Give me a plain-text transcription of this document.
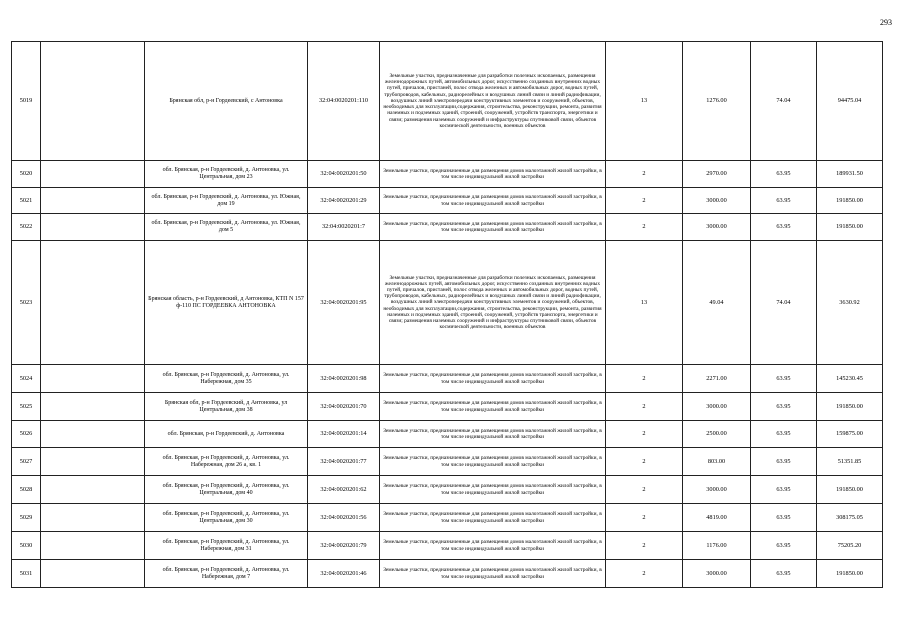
293
5019		Брянская обл, р-н Гордеевский, с Антоновка	32:04:0020201:110	Земельные участки, предназначенные для разработки полезных ископаемых, размещения железнодорожных путей, автомобильных дорог, искусственно созданных внутренних водных путей, причалов, пристаней, полос отвода железных и автомобильных дорог, водных путей, трубопроводов, кабельных, радиорелейных и воздушных линий связи и линий радиофикации, воздушных линий электропередачи конструктивных элементов и сооружений, объектов, необходимых для эксплуатации,содержания, строительства, реконструкции, ремонта, развития наземных и подземных зданий, строений, сооружений, устройств транспорта, энергетики и связи; размещения наземных сооружений и инфраструктуры спутниковой связи, объектов космической деятельности, военных объектов	13	1276.00	74.04	94475.04
5020		обл. Брянская, р-н Гордеевский, д. Антоновка, ул. Центральная, дом 23	32:04:0020201:50	Земельные участки, предназначенные для размещения домов малоэтажной жилой застройки, в том числе индивидуальной жилой застройки	2	2970.00	63.95	189931.50
5021		обл. Брянская, р-н Гордеевский, д. Антоновка, ул. Южная, дом 19	32:04:0020201:29	Земельные участки, предназначенные для размещения домов малоэтажной жилой застройки, в том числе индивидуальной жилой застройки	2	3000.00	63.95	191850.00
5022		обл. Брянская, р-н Гордеевский, д. Антоновка, ул. Южная, дом 5	32:04:0020201:7	Земельные участки, предназначенные для размещения домов малоэтажной жилой застройки, в том числе индивидуальной жилой застройки	2	3000.00	63.95	191850.00
5023		Брянская область, р-н Гордеевский, д Антоновка, КТП N 157 ф-110 ПС ГОРДЕЕВКА АНТОНОВКА	32:04:0020201:95	Земельные участки, предназначенные для разработки полезных ископаемых, размещения железнодорожных путей, автомобильных дорог, искусственно созданных внутренних водных путей, причалов, пристаней, полос отвода железных и автомобильных дорог, водных путей, трубопроводов, кабельных, радиорелейных и воздушных линий связи и линий радиофикации, воздушных линий электропередачи конструктивных элементов и сооружений, объектов, необходимых для эксплуатации,содержания, строительства, реконструкции, ремонта, развития наземных и подземных зданий, строений, сооружений, устройств транспорта, энергетики и связи; размещения наземных сооружений и инфраструктуры спутниковой связи, объектов космической деятельности, военных объектов	13	49.04	74.04	3630.92
5024		обл. Брянская, р-н Гордеевский, д. Антоновка, ул. Набережная, дом 35	32:04:0020201:98	Земельные участки, предназначенные для размещения домов малоэтажной жилой застройки, в том числе индивидуальной жилой застройки	2	2271.00	63.95	145230.45
5025		Брянская обл, р-н Гордеевский, д Антоновка, ул Центральная, дом 38	32:04:0020201:70	Земельные участки, предназначенные для размещения домов малоэтажной жилой застройки, в том числе индивидуальной жилой застройки	2	3000.00	63.95	191850.00
5026		обл. Брянская, р-н Гордеевский, д. Антоновка	32:04:0020201:14	Земельные участки, предназначенные для размещения домов малоэтажной жилой застройки, в том числе индивидуальной жилой застройки	2	2500.00	63.95	159875.00
5027		обл. Брянская, р-н Гордеевский, д. Антоновка, ул. Набережная, дом 26 а, кв. 1	32:04:0020201:77	Земельные участки, предназначенные для размещения домов малоэтажной жилой застройки, в том числе индивидуальной жилой застройки	2	803.00	63.95	51351.85
5028		обл. Брянская, р-н Гордеевский, д. Антоновка, ул. Центральная, дом 40	32:04:0020201:62	Земельные участки, предназначенные для размещения домов малоэтажной жилой застройки, в том числе индивидуальной жилой застройки	2	3000.00	63.95	191850.00
5029		обл. Брянская, р-н Гордеевский, д. Антоновка, ул. Центральная, дом 30	32:04:0020201:56	Земельные участки, предназначенные для размещения домов малоэтажной жилой застройки, в том числе индивидуальной жилой застройки	2	4819.00	63.95	308175.05
5030		обл. Брянская, р-н Гордеевский, д. Антоновка, ул. Набережная, дом 31	32:04:0020201:79	Земельные участки, предназначенные для размещения домов малоэтажной жилой застройки, в том числе индивидуальной жилой застройки	2	1176.00	63.95	75205.20
5031		обл. Брянская, р-н Гордеевский, д. Антоновка, ул. Набережная, дом 7	32:04:0020201:46	Земельные участки, предназначенные для размещения домов малоэтажной жилой застройки, в том числе индивидуальной жилой застройки	2	3000.00	63.95	191850.00
